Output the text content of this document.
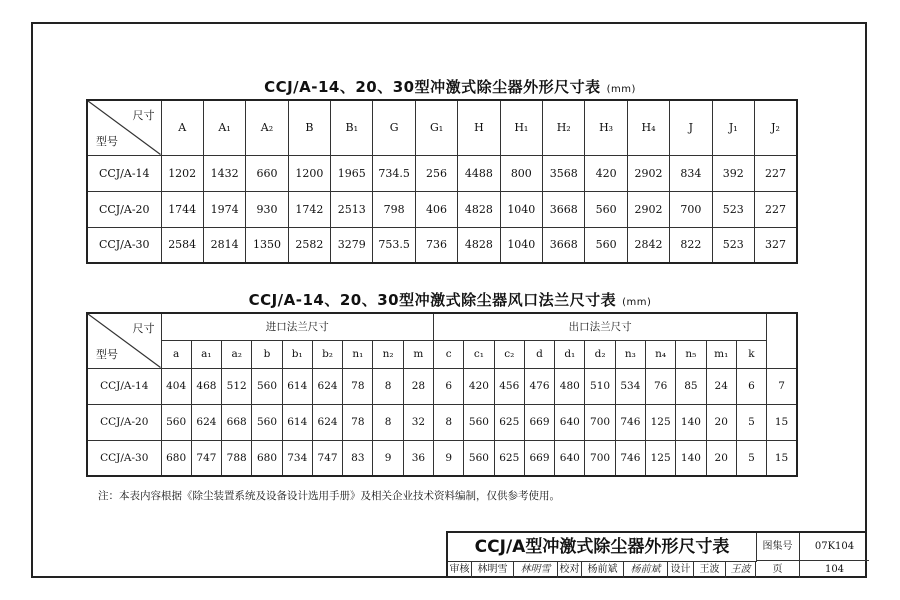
CCJ/A-14、20、30型冲激式除尘器外形尺寸表 (mm)
尺寸
型号	A	A₁	A₂	B	B₁	G	G₁	H	H₁	H₂	H₃	H₄	J	J₁	J₂
CCJ/A-14	1202	1432	660	1200	1965	734.5	256	4488	800	3568	420	2902	834	392	227
CCJ/A-20	1744	1974	930	1742	2513	798	406	4828	1040	3668	560	2902	700	523	227
CCJ/A-30	2584	2814	1350	2582	3279	753.5	736	4828	1040	3668	560	2842	822	523	327
CCJ/A-14、20、30型冲激式除尘器风口法兰尺寸表 (mm)
尺寸
型号	进口法兰尺寸									出口法兰尺寸											
	a	a₁	a₂	b	b₁	b₂	n₁	n₂	m	c	c₁	c₂	d	d₁	d₂	n₃	n₄	n₅	m₁	k	
CCJ/A-14	404	468	512	560	614	624	78	8	28	6	420	456	476	480	510	534	76	85	24	6	7
CCJ/A-20	560	624	668	560	614	624	78	8	32	8	560	625	669	640	700	746	125	140	20	5	15
CCJ/A-30	680	747	788	680	734	747	83	9	36	9	560	625	669	640	700	746	125	140	20	5	15
注：本表内容根据《除尘装置系统及设备设计选用手册》及相关企业技术资料编制，仅供参考使用。
CCJ/A型冲激式除尘器外形尺寸表	图集号	07K104
审核 林明雪	林明雪 校对 杨前斌	杨前斌	设计 王波	王波	页	104
